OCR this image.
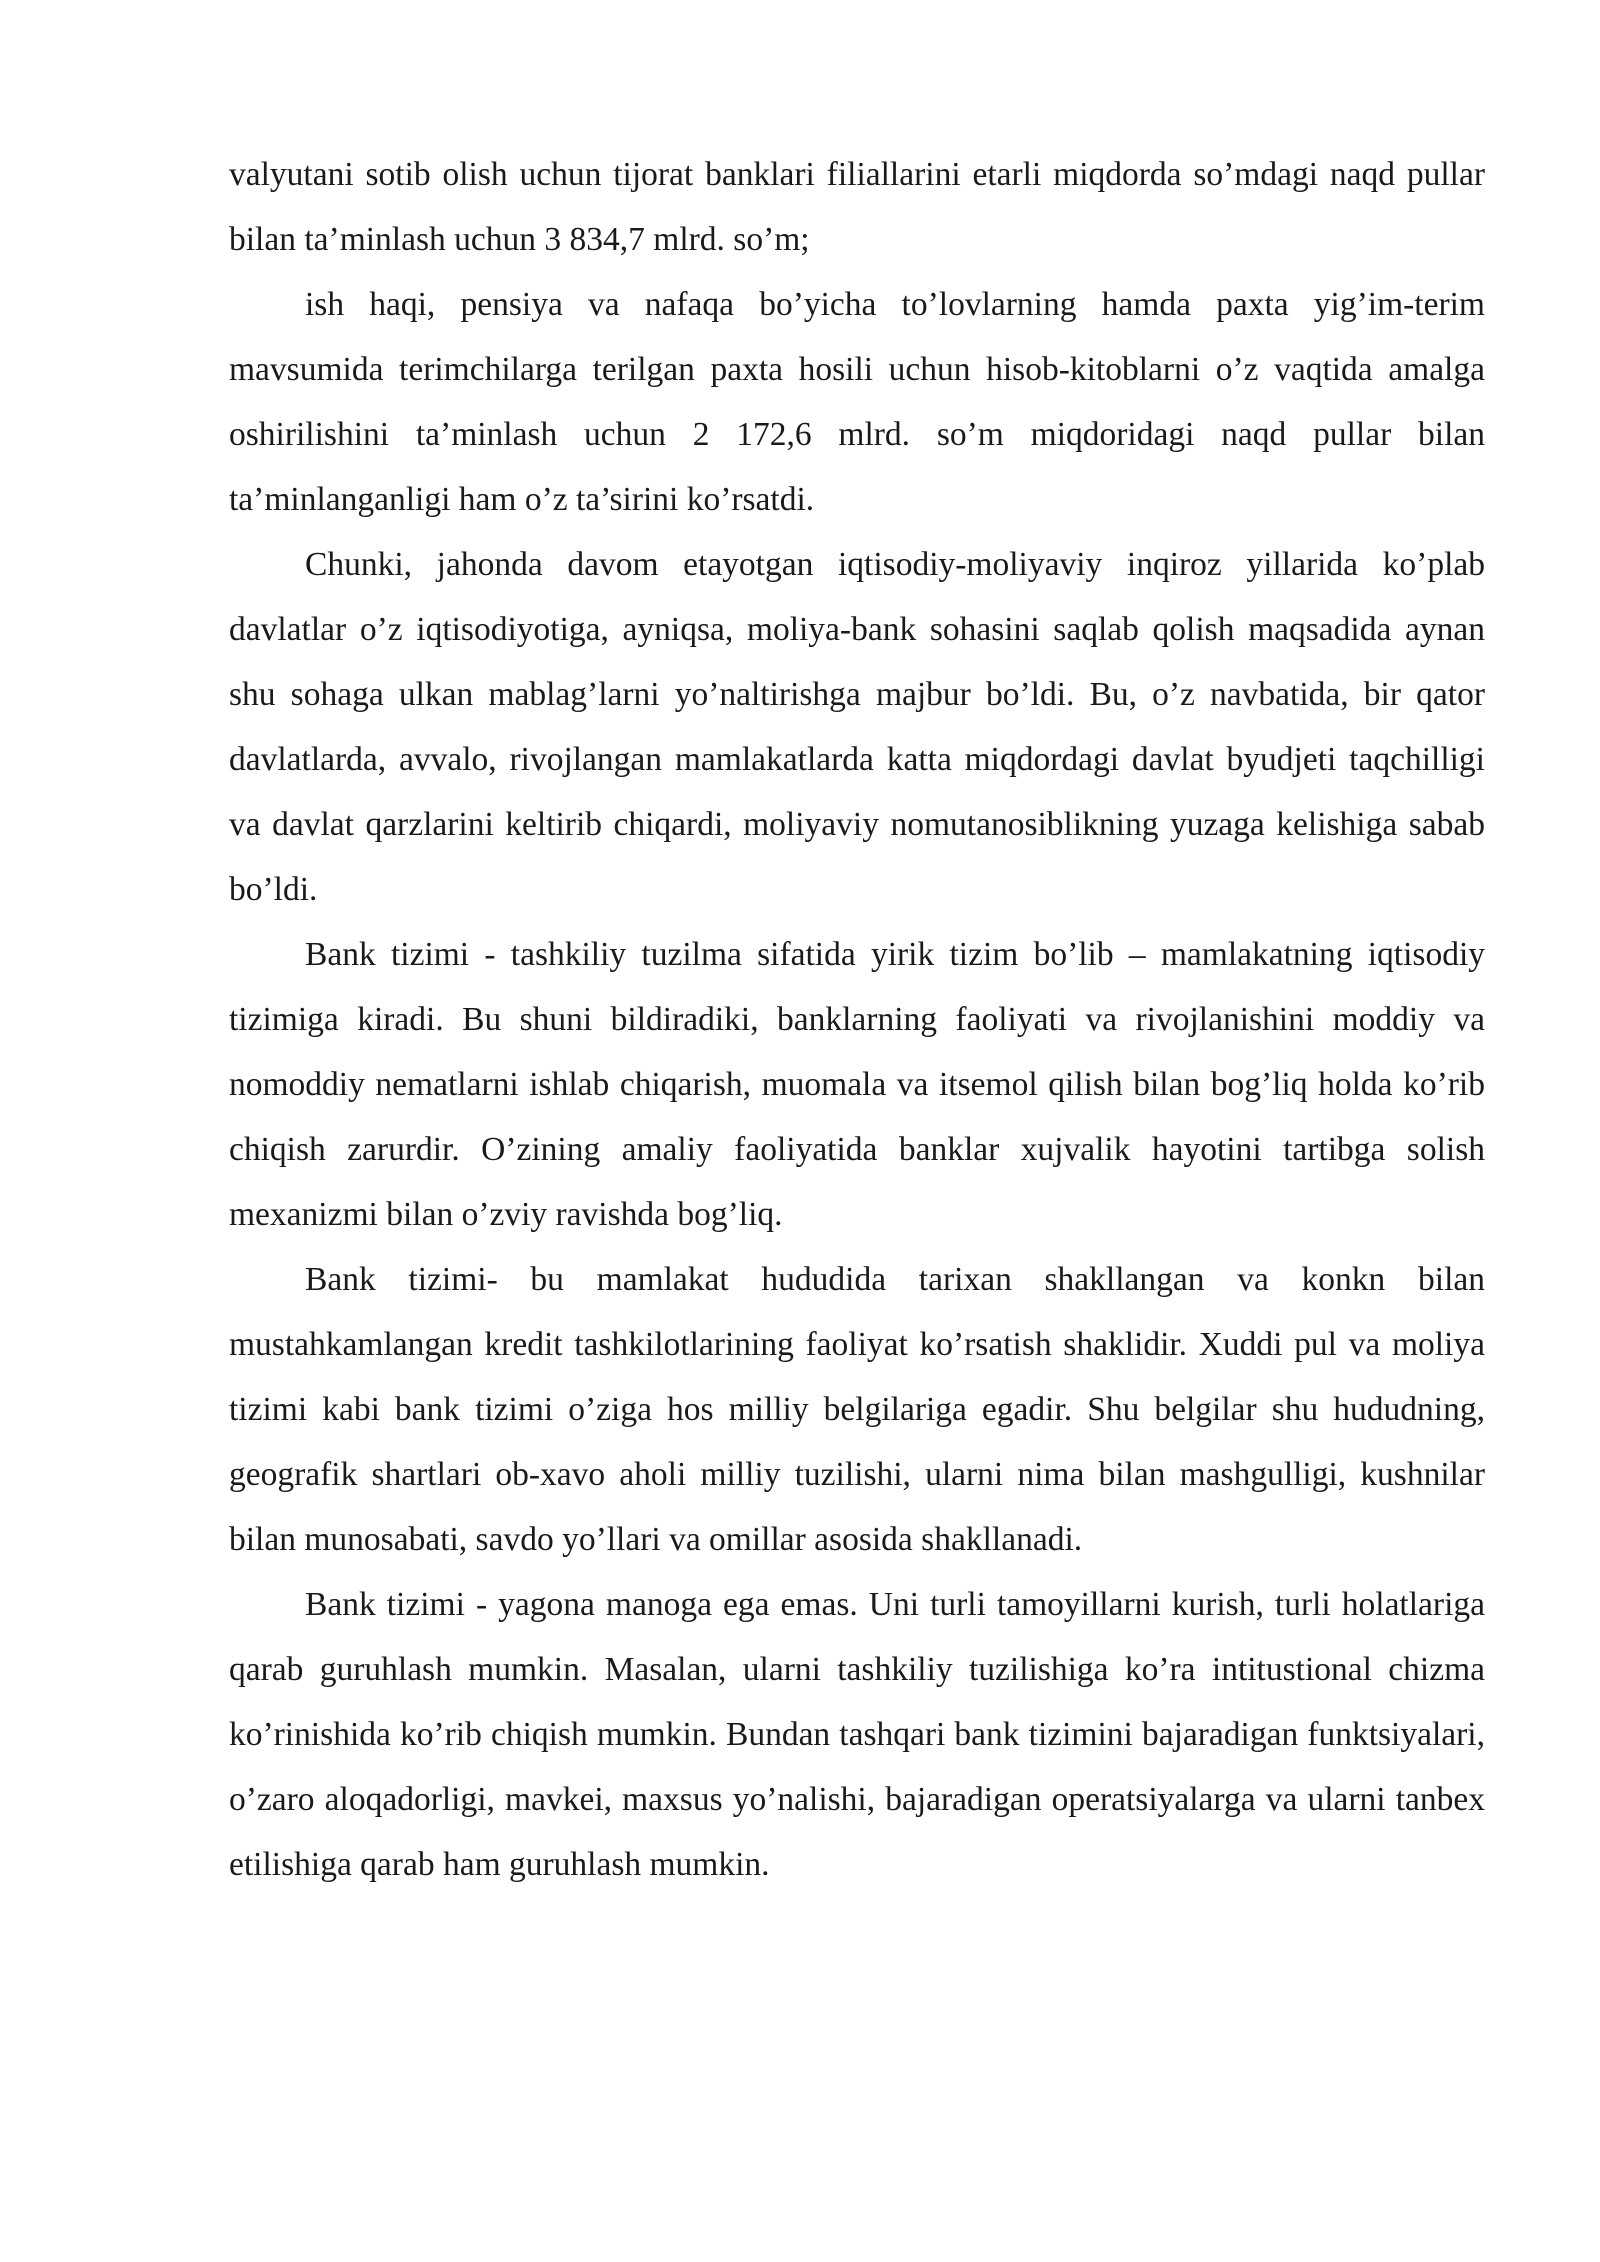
valyutani sotib olish uchun tijorat banklari filiallarini etarli miqdorda so’mdagi naqd pullar bilan ta’minlash uchun 3 834,7 mlrd. so’m;

ish haqi, pensiya va nafaqa bo’yicha to’lovlarning hamda paxta yig’im-terim mavsumida terimchilarga terilgan paxta hosili uchun hisob-kitoblarni o’z vaqtida amalga oshirilishini ta’minlash uchun 2 172,6 mlrd. so’m miqdoridagi naqd pullar bilan ta’minlanganligi ham o’z ta’sirini ko’rsatdi.

Chunki, jahonda davom etayotgan iqtisodiy-moliyaviy inqiroz yillarida ko’plab davlatlar o’z iqtisodiyotiga, ayniqsa, moliya-bank sohasini saqlab qolish maqsadida aynan shu sohaga ulkan mablag’larni yo’naltirishga majbur bo’ldi. Bu, o’z navbatida, bir qator davlatlarda, avvalo, rivojlangan mamlakatlarda katta miqdordagi davlat byudjeti taqchilligi va davlat qarzlarini keltirib chiqardi, moliyaviy nomutanosiblikning yuzaga kelishiga sabab bo’ldi.

Bank tizimi - tashkiliy tuzilma sifatida yirik tizim bo’lib – mamlakatning iqtisodiy tizimiga kiradi. Bu shuni bildiradiki, banklarning faoliyati va rivojlanishini moddiy va nomoddiy nematlarni ishlab chiqarish, muomala va itsemol qilish bilan bog’liq holda ko’rib chiqish zarurdir. O’zining amaliy faoliyatida banklar xujvalik hayotini tartibga solish mexanizmi bilan o’zviy ravishda bog’liq.

Bank tizimi- bu mamlakat hududida tarixan shakllangan va konkn bilan mustahkamlangan kredit tashkilotlarining faoliyat ko’rsatish shaklidir. Xuddi pul va moliya tizimi kabi bank tizimi o’ziga hos milliy belgilariga egadir. Shu belgilar shu hududning, geografik shartlari ob-xavo aholi milliy tuzilishi, ularni nima bilan mashgulligi, kushnilar bilan munosabati, savdo yo’llari va omillar asosida shakllanadi.

Bank tizimi - yagona manoga ega emas. Uni turli tamoyillarni kurish, turli holatlariga qarab guruhlash mumkin. Masalan, ularni tashkiliy tuzilishiga ko’ra intitustional chizma ko’rinishida ko’rib chiqish mumkin. Bundan tashqari bank tizimini bajaradigan funktsiyalari, o’zaro aloqadorligi, mavkei, maxsus yo’nalishi, bajaradigan operatsiyalarga va ularni tanbex etilishiga qarab ham guruhlash mumkin.
